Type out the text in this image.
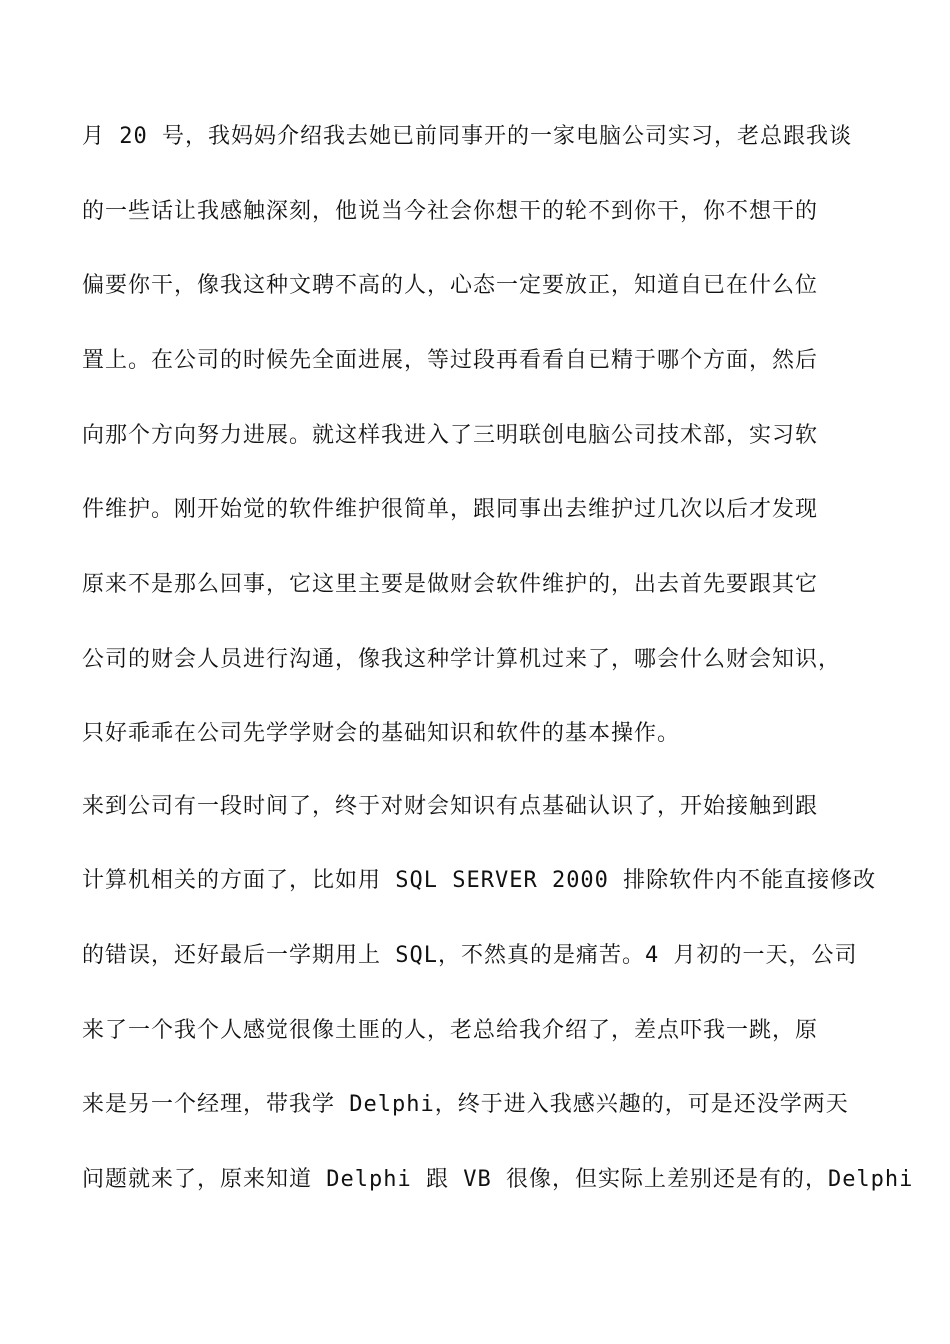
月 20 号，我妈妈介绍我去她已前同事开的一家电脑公司实习，老总跟我谈
的一些话让我感触深刻，他说当今社会你想干的轮不到你干，你不想干的
偏要你干，像我这种文聘不高的人，心态一定要放正，知道自已在什么位
置上。在公司的时候先全面进展，等过段再看看自已精于哪个方面，然后
向那个方向努力进展。就这样我进入了三明联创电脑公司技术部，实习软
件维护。刚开始觉的软件维护很简单，跟同事出去维护过几次以后才发现
原来不是那么回事，它这里主要是做财会软件维护的，出去首先要跟其它
公司的财会人员进行沟通，像我这种学计算机过来了，哪会什么财会知识，
只好乖乖在公司先学学财会的基础知识和软件的基本操作。
来到公司有一段时间了，终于对财会知识有点基础认识了，开始接触到跟
计算机相关的方面了，比如用 SQL SERVER 2000 排除软件内不能直接修改
的错误，还好最后一学期用上 SQL，不然真的是痛苦。4 月初的一天，公司
来了一个我个人感觉很像土匪的人，老总给我介绍了，差点吓我一跳，原
来是另一个经理，带我学 Delphi，终于进入我感兴趣的，可是还没学两天
问题就来了，原来知道 Delphi 跟 VB 很像，但实际上差别还是有的，Delphi
